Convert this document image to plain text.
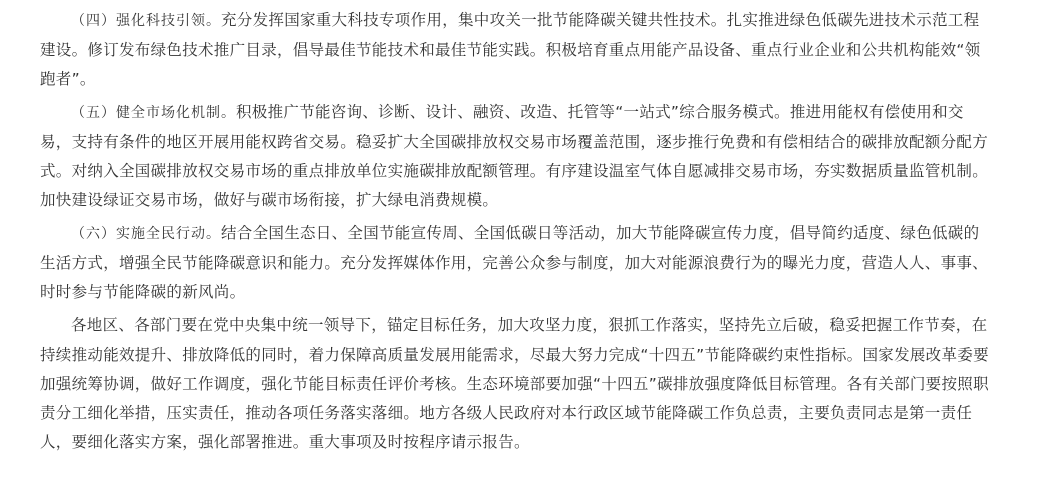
（四）强化科技引领。充分发挥国家重大科技专项作用，集中攻关一批节能降碳关键共性技术。扎实推进绿色低碳先进技术示范工程建设。修订发布绿色技术推广目录，倡导最佳节能技术和最佳节能实践。积极培育重点用能产品设备、重点行业企业和公共机构能效“领跑者”。

（五）健全市场化机制。积极推广节能咨询、诊断、设计、融资、改造、托管等“一站式”综合服务模式。推进用能权有偿使用和交易，支持有条件的地区开展用能权跨省交易。稳妥扩大全国碳排放权交易市场覆盖范围，逐步推行免费和有偿相结合的碳排放配额分配方式。对纳入全国碳排放权交易市场的重点排放单位实施碳排放配额管理。有序建设温室气体自愿减排交易市场，夯实数据质量监管机制。加快建设绿证交易市场，做好与碳市场衔接，扩大绿电消费规模。

（六）实施全民行动。结合全国生态日、全国节能宣传周、全国低碳日等活动，加大节能降碳宣传力度，倡导简约适度、绿色低碳的生活方式，增强全民节能降碳意识和能力。充分发挥媒体作用，完善公众参与制度，加大对能源浪费行为的曝光力度，营造人人、事事、时时参与节能降碳的新风尚。

各地区、各部门要在党中央集中统一领导下，锚定目标任务，加大攻坚力度，狠抓工作落实，坚持先立后破，稳妥把握工作节奏，在持续推动能效提升、排放降低的同时，着力保障高质量发展用能需求，尽最大努力完成“十四五”节能降碳约束性指标。国家发展改革委要加强统筹协调，做好工作调度，强化节能目标责任评价考核。生态环境部要加强“十四五”碳排放强度降低目标管理。各有关部门要按照职责分工细化举措，压实责任，推动各项任务落实落细。地方各级人民政府对本行政区域节能降碳工作负总责，主要负责同志是第一责任人，要细化落实方案，强化部署推进。重大事项及时按程序请示报告。
